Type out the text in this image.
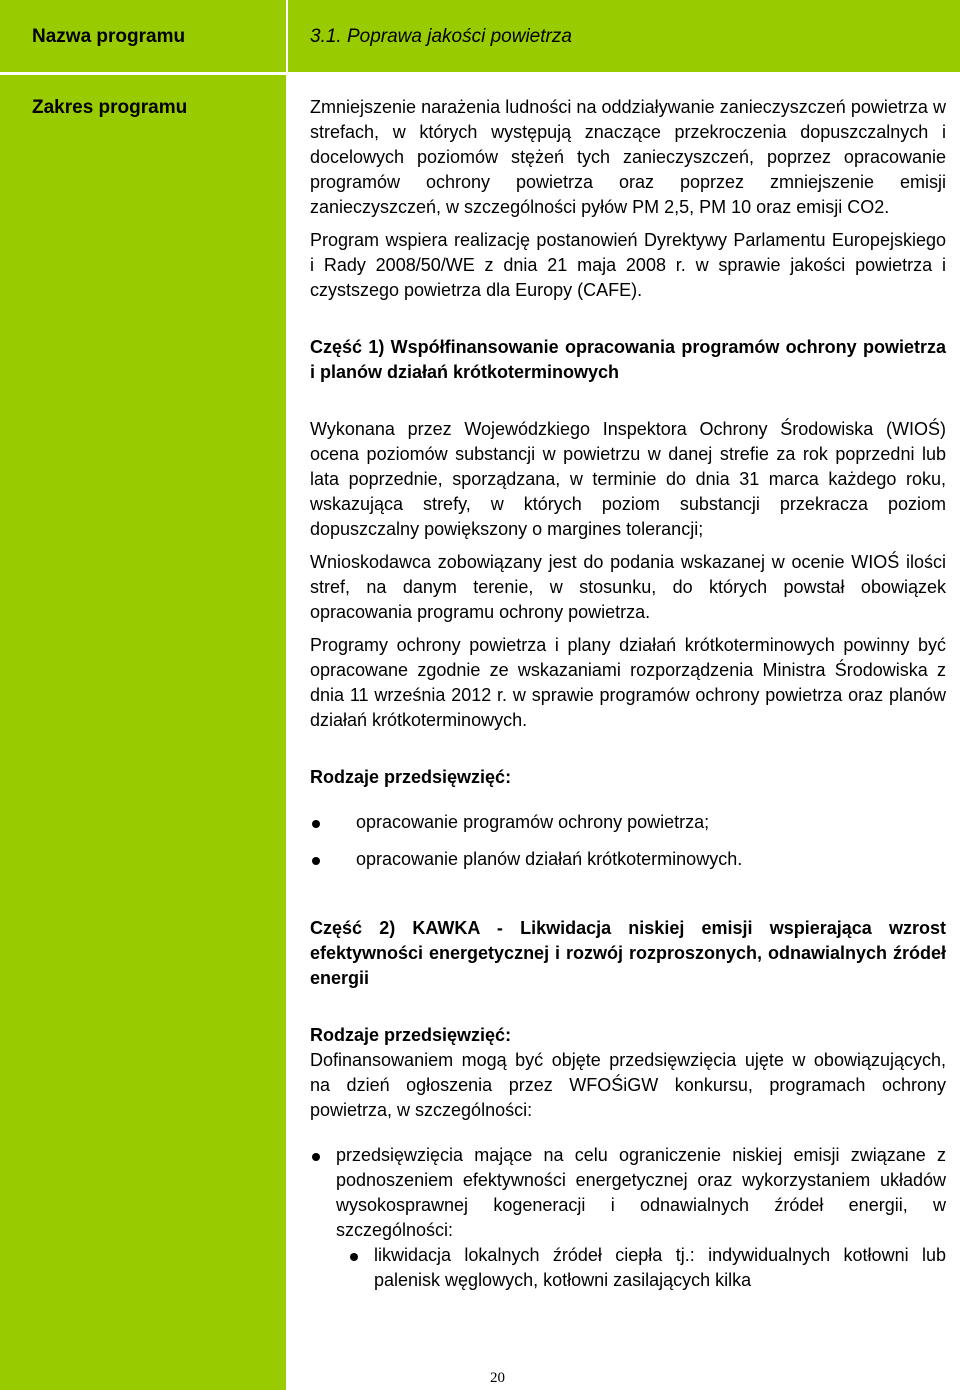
Nazwa programu	3.1. Poprawa jakości powietrza
Zakres programu	Zmniejszenie narażenia ludności na oddziaływanie zanieczyszczeń powietrza w strefach, w których występują znaczące przekroczenia dopuszczalnych i docelowych poziomów stężeń tych zanieczyszczeń, poprzez opracowanie programów ochrony powietrza oraz poprzez zmniejszenie emisji zanieczyszczeń, w szczególności pyłów PM 2,5, PM 10 oraz emisji CO2.

Program wspiera realizację postanowień Dyrektywy Parlamentu Europejskiego i Rady 2008/50/WE z dnia 21 maja 2008 r. w sprawie jakości powietrza i czystszego powietrza dla Europy (CAFE).

Część 1) Współfinansowanie opracowania programów ochrony powietrza i planów działań krótkoterminowych

Wykonana przez Wojewódzkiego Inspektora Ochrony Środowiska (WIOŚ) ocena poziomów substancji w powietrzu w danej strefie za rok poprzedni lub lata poprzednie, sporządzana, w terminie do dnia 31 marca każdego roku, wskazująca strefy, w których poziom substancji przekracza poziom dopuszczalny powiększony o margines tolerancji;

Wnioskodawca zobowiązany jest do podania wskazanej w ocenie WIOŚ ilości stref, na danym terenie, w stosunku, do których powstał obowiązek opracowania programu ochrony powietrza.

Programy ochrony powietrza i plany działań krótkoterminowych powinny być opracowane zgodnie ze wskazaniami rozporządzenia Ministra Środowiska z dnia 11 września 2012 r. w sprawie programów ochrony powietrza oraz planów działań krótkoterminowych.

Rodzaje przedsięwzięć:

opracowanie programów ochrony powietrza;
opracowanie planów działań krótkoterminowych.

Część 2) KAWKA - Likwidacja niskiej emisji wspierająca wzrost efektywności energetycznej i rozwój rozproszonych, odnawialnych źródeł energii

Rodzaje przedsięwzięć:

Dofinansowaniem mogą być objęte przedsięwzięcia ujęte w obowiązujących, na dzień ogłoszenia przez WFOŚiGW konkursu, programach ochrony powietrza, w szczególności:

przedsięwzięcia mające na celu ograniczenie niskiej emisji związane z podnoszeniem efektywności energetycznej oraz wykorzystaniem układów wysokosprawnej kogeneracji i odnawialnych źródeł energii, w szczególności:
likwidacja lokalnych źródeł ciepła tj.: indywidualnych kotłowni lub palenisk węglowych, kotłowni zasilających kilka
20
